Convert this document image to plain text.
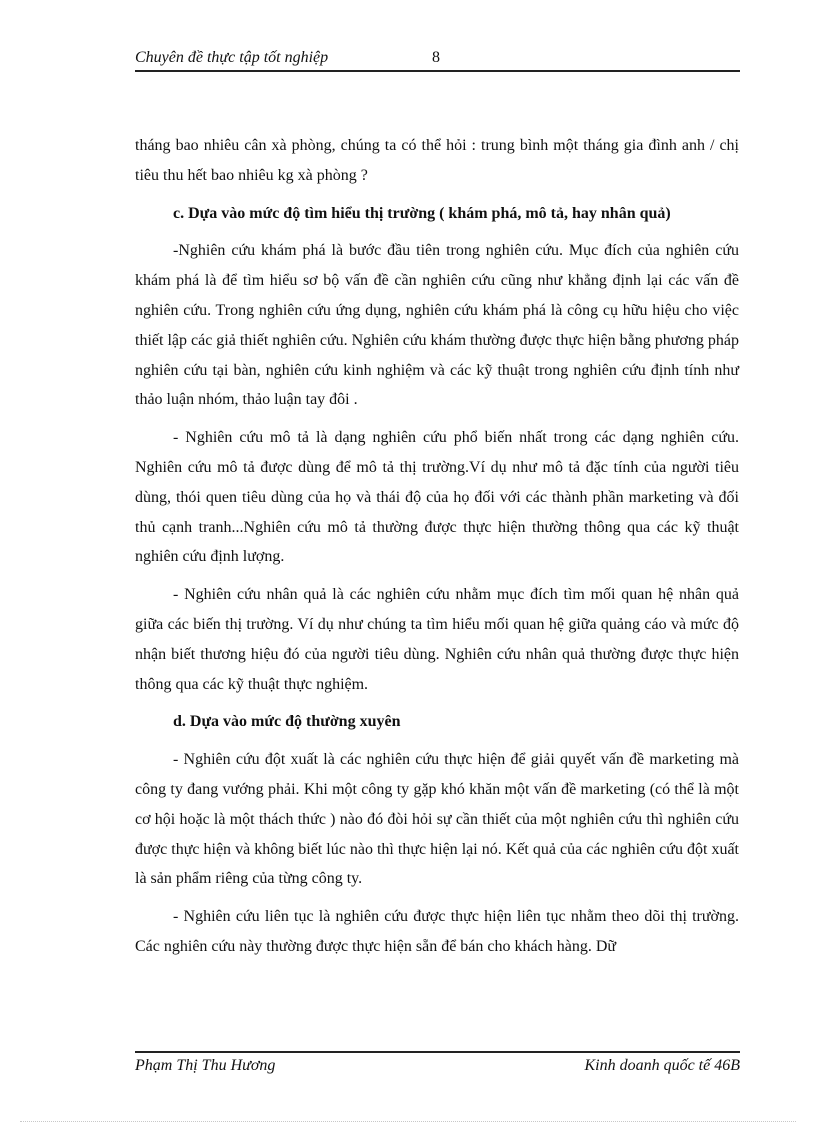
Chuyên đề thực tập tốt nghiệp	8

tháng bao nhiêu cân xà phòng, chúng ta có thể hỏi : trung bình một tháng gia đình anh / chị tiêu thu hết bao nhiêu kg xà phòng ?

c. Dựa vào mức độ tìm hiểu thị trường ( khám phá, mô tả, hay nhân quả)

-Nghiên cứu khám phá là bước đầu tiên trong nghiên cứu. Mục đích của nghiên cứu khám phá là để tìm hiểu sơ bộ vấn đề cần nghiên cứu cũng như khẳng định lại các vấn đề nghiên cứu. Trong nghiên cứu ứng dụng, nghiên cứu khám phá là công cụ hữu hiệu cho việc thiết lập các giả thiết nghiên cứu. Nghiên cứu khám thường được thực hiện bằng phương pháp nghiên cứu tại bàn, nghiên cứu kinh nghiệm và các kỹ thuật trong nghiên cứu định tính như thảo luận nhóm, thảo luận tay đôi .

- Nghiên cứu mô tả là dạng nghiên cứu phổ biến nhất trong các dạng nghiên cứu. Nghiên cứu mô tả được dùng để mô tả thị trường.Ví dụ như mô tả đặc tính của người tiêu dùng, thói quen tiêu dùng của họ và thái độ của họ đối với các thành phần marketing và đối thủ cạnh tranh...Nghiên cứu mô tả thường được thực hiện thường thông qua các kỹ thuật nghiên cứu định lượng.

- Nghiên cứu nhân quả là các nghiên cứu nhằm mục đích tìm mối quan hệ nhân quả giữa các biến thị trường. Ví dụ như chúng ta tìm hiểu mối quan hệ giữa quảng cáo và mức độ nhận biết thương hiệu đó của người tiêu dùng. Nghiên cứu nhân quả thường được thực hiện thông qua các kỹ thuật thực nghiệm.

d. Dựa vào mức độ thường xuyên

- Nghiên cứu đột xuất là các nghiên cứu thực hiện để giải quyết vấn đề marketing mà công ty đang vướng phải. Khi một công ty gặp khó khăn một vấn đề marketing (có thể là một cơ hội hoặc là một thách thức ) nào đó đòi hỏi sự cần thiết của một nghiên cứu thì nghiên cứu được thực hiện và không biết lúc nào thì thực hiện lại nó. Kết quả của các nghiên cứu đột xuất là sản phẩm riêng của từng công ty.

- Nghiên cứu liên tục là nghiên cứu được thực hiện liên tục nhằm theo dõi thị trường. Các nghiên cứu này thường được thực hiện sẵn để bán cho khách hàng. Dữ

Phạm Thị Thu Hương	Kinh doanh quốc tế 46B
